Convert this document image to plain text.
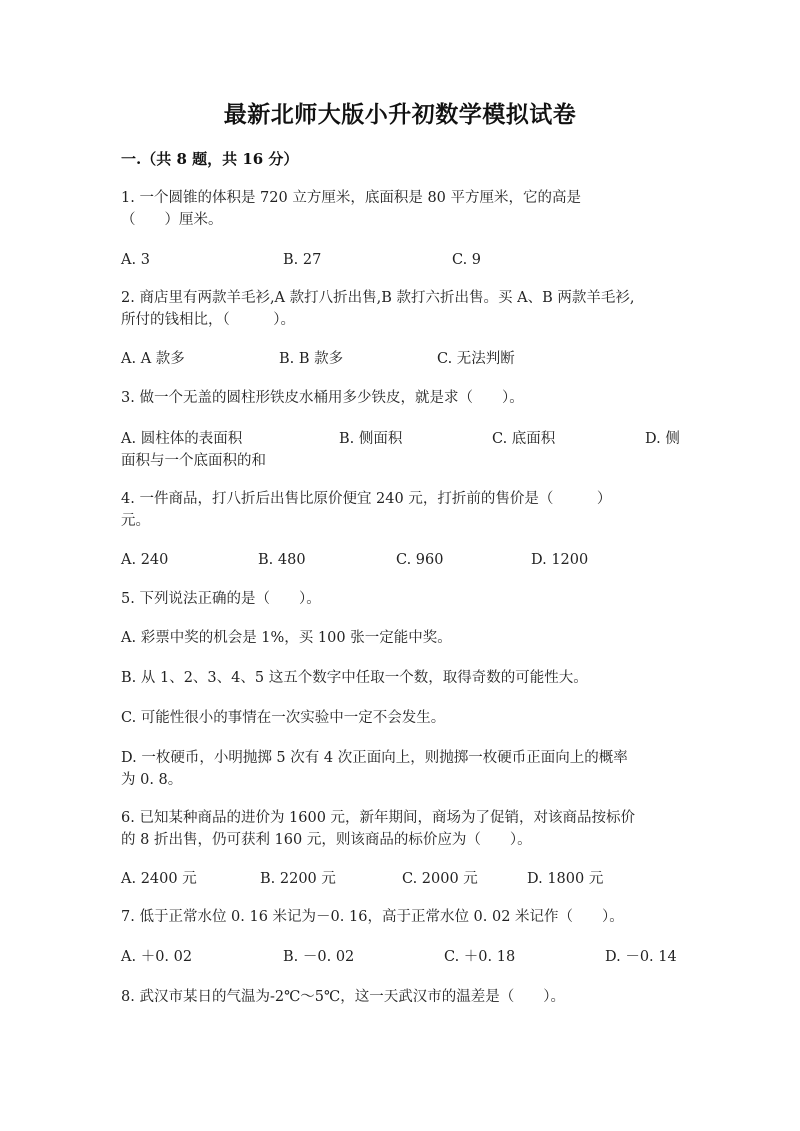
最新北师大版小升初数学模拟试卷
一.（共 8 题，共 16 分）
1. 一个圆锥的体积是 720 立方厘米，底面积是 80 平方厘米，它的高是
（　　）厘米。
A. 3	B. 27	C. 9
2. 商店里有两款羊毛衫,A 款打八折出售,B 款打六折出售。买 A、B 两款羊毛衫,
所付的钱相比，（　　　）。
A. A 款多	B. B 款多	C. 无法判断
3. 做一个无盖的圆柱形铁皮水桶用多少铁皮，就是求（　　）。
A. 圆柱体的表面积	B. 侧面积	C. 底面积	D. 侧
面积与一个底面积的和
4. 一件商品，打八折后出售比原价便宜 240 元，打折前的售价是（　　　）
元。
A. 240	B. 480	C. 960	D. 1200
5. 下列说法正确的是（　　）。
A. 彩票中奖的机会是 1%，买 100 张一定能中奖。
B. 从 1、2、3、4、5 这五个数字中任取一个数，取得奇数的可能性大。
C. 可能性很小的事情在一次实验中一定不会发生。
D. 一枚硬币，小明抛掷 5 次有 4 次正面向上，则抛掷一枚硬币正面向上的概率
为 0. 8。
6. 已知某种商品的进价为 1600 元，新年期间，商场为了促销，对该商品按标价
的 8 折出售，仍可获利 160 元，则该商品的标价应为（　　）。
A. 2400 元	B. 2200 元	C. 2000 元	D. 1800 元
7. 低于正常水位 0. 16 米记为－0. 16，高于正常水位 0. 02 米记作（　　）。
A. ＋0. 02	B. －0. 02	C. ＋0. 18	D. －0. 14
8. 武汉市某日的气温为-2℃～5℃，这一天武汉市的温差是（　　）。
